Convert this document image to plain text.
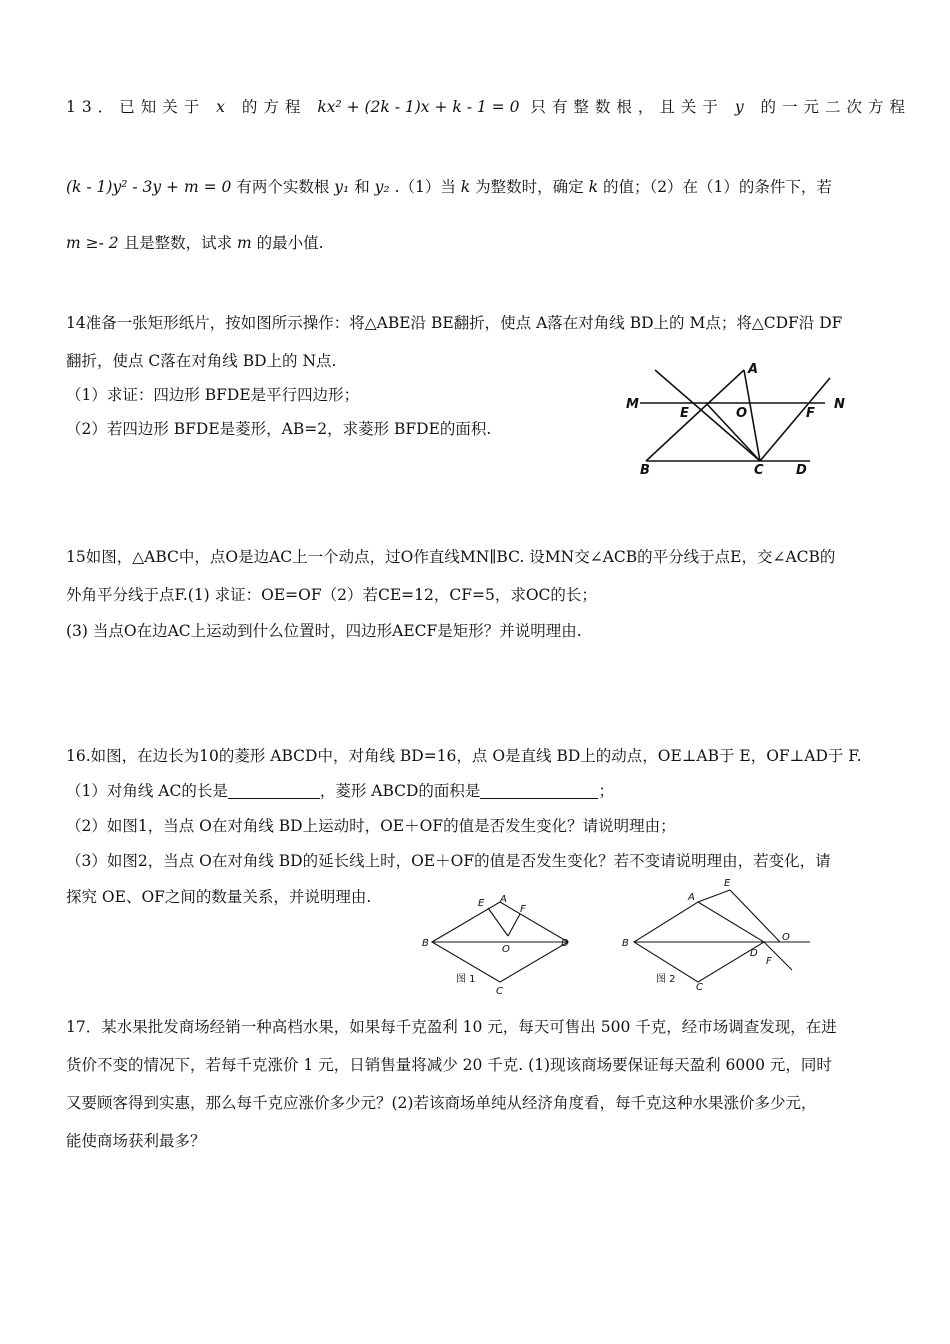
13．已知关于 x 的方程 kx² + (2k - 1)x + k - 1 = 0 只有整数根，且关于 y 的一元二次方程
(k - 1)y² - 3y + m = 0 有两个实数根 y₁ 和 y₂ .（1）当 k 为整数时，确定 k 的值；（2）在（1）的条件下，若
m ≥- 2 且是整数，试求 m 的最小值.
14准备一张矩形纸片，按如图所示操作：将△ABE沿 BE翻折，使点 A落在对角线 BD上的 M点；将△CDF沿 DF
翻折，使点 C落在对角线 BD上的 N点.
（1）求证：四边形 BFDE是平行四边形；
（2）若四边形 BFDE是菱形，AB=2，求菱形 BFDE的面积.
A
M
E	O	F
N
B	C D
15如图，△ABC中，点O是边AC上一个动点，过O作直线MN∥BC. 设MN交∠ACB的平分线于点E，交∠ACB的
外角平分线于点F.(1) 求证：OE=OF（2）若CE=12，CF=5，求OC的长；
(3) 当点O在边AC上运动到什么位置时，四边形AECF是矩形？并说明理由.
16.如图，在边长为10的菱形 ABCD中，对角线 BD=16，点 O是直线 BD上的动点，OE⊥AB于 E，OF⊥AD于 F.
（1）对角线 AC的长是	，菱形 ABCD的面积是	；
（2）如图1，当点 O在对角线 BD上运动时，OE＋OF的值是否发生变化？请说明理由；
（3）如图2，当点 O在对角线 BD的延长线上时，OE＋OF的值是否发生变化？若不变请说明理由，若变化，请
探究 OE、OF之间的数量关系，并说明理由.
B
A
E
F
O
D
C
图 1
B
A
E
O
D
F
C
图 2
17．某水果批发商场经销一种高档水果，如果每千克盈利 10 元，每天可售出 500 千克，经市场调查发现，在进
货价不变的情况下，若每千克涨价 1 元，日销售量将减少 20 千克. (1)现该商场要保证每天盈利 6000 元，同时
又要顾客得到实惠，那么每千克应涨价多少元？(2)若该商场单纯从经济角度看，每千克这种水果涨价多少元，
能使商场获利最多？
